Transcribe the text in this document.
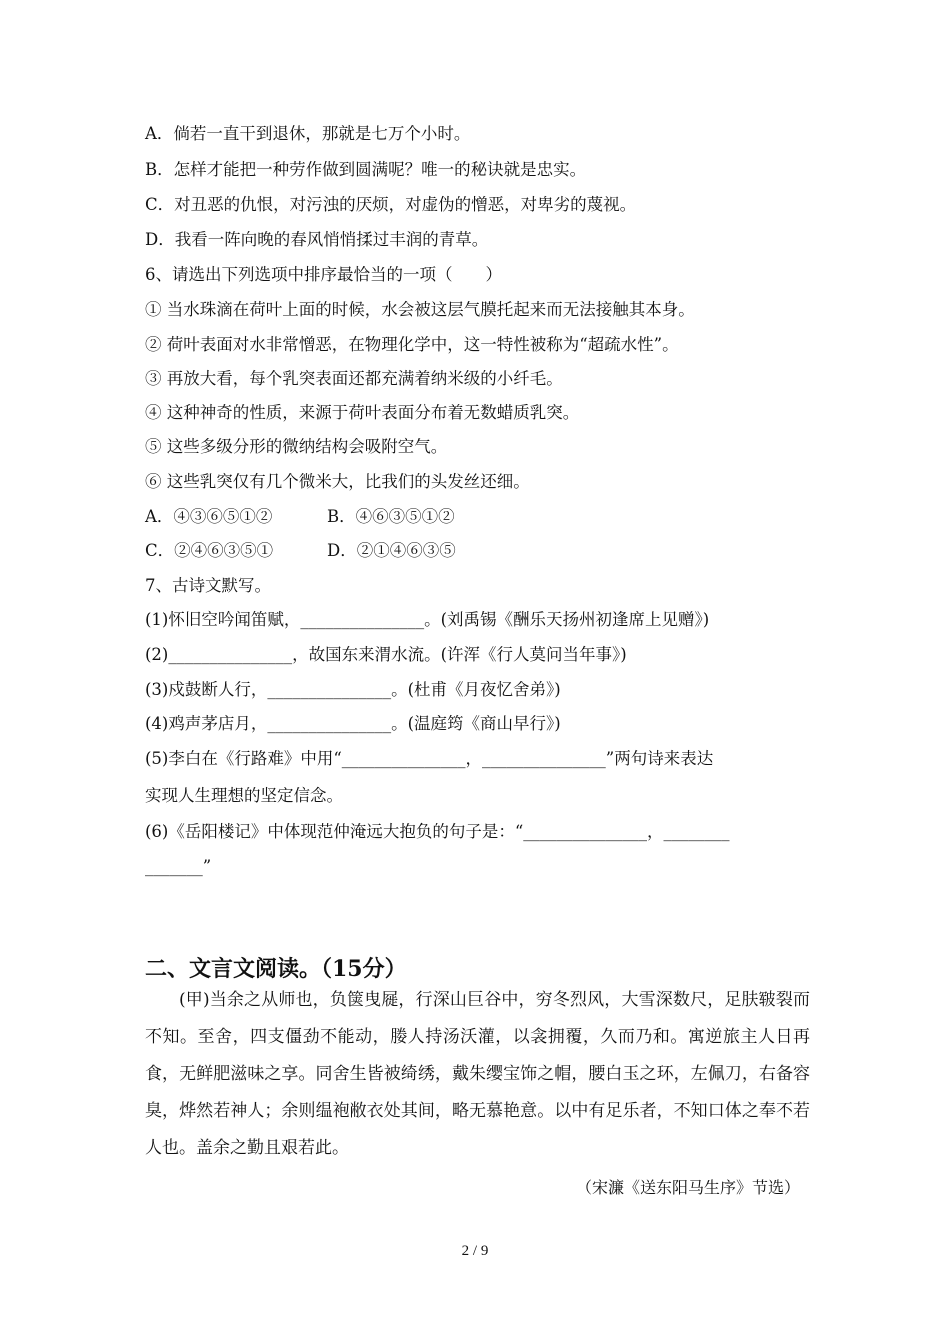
A．倘若一直干到退休，那就是七万个小时。
B．怎样才能把一种劳作做到圆满呢？唯一的秘诀就是忠实。
C．对丑恶的仇恨，对污浊的厌烦，对虚伪的憎恶，对卑劣的蔑视。
D．我看一阵向晚的春风悄悄揉过丰润的青草。
6、请选出下列选项中排序最恰当的一项（　　）
① 当水珠滴在荷叶上面的时候，水会被这层气膜托起来而无法接触其本身。
② 荷叶表面对水非常憎恶，在物理化学中，这一特性被称为“超疏水性”。
③ 再放大看，每个乳突表面还都充满着纳米级的小纤毛。
④ 这种神奇的性质，来源于荷叶表面分布着无数蜡质乳突。
⑤ 这些多级分形的微纳结构会吸附空气。
⑥ 这些乳突仅有几个微米大，比我们的头发丝还细。
A．④③⑥⑤①②	B．④⑥③⑤①②
C．②④⑥③⑤①	D．②①④⑥③⑤
7、古诗文默写。
(1)怀旧空吟闻笛赋，_______________。(刘禹锡《酬乐天扬州初逢席上见赠》)
(2)_______________，故国东来渭水流。(许浑《行人莫问当年事》)
(3)戍鼓断人行，_______________。(杜甫《月夜忆舍弟》)
(4)鸡声茅店月，_______________。(温庭筠《商山早行》)
(5)李白在《行路难》中用“_______________，_______________”两句诗来表达
实现人生理想的坚定信念。
(6)《岳阳楼记》中体现范仲淹远大抱负的句子是：“_______________，________
_______”
二、文言文阅读。（15分）
(甲)当余之从师也，负箧曳屣，行深山巨谷中，穷冬烈风，大雪深数尺，足肤皲裂而不知。至舍，四支僵劲不能动，媵人持汤沃灌，以衾拥覆，久而乃和。寓逆旅主人日再食，无鲜肥滋味之享。同舍生皆被绮绣，戴朱缨宝饰之帽，腰白玉之环，左佩刀，右备容臭，烨然若神人；余则缊袍敝衣处其间，略无慕艳意。以中有足乐者，不知口体之奉不若人也。盖余之勤且艰若此。
（宋濂《送东阳马生序》节选）
2 / 9
